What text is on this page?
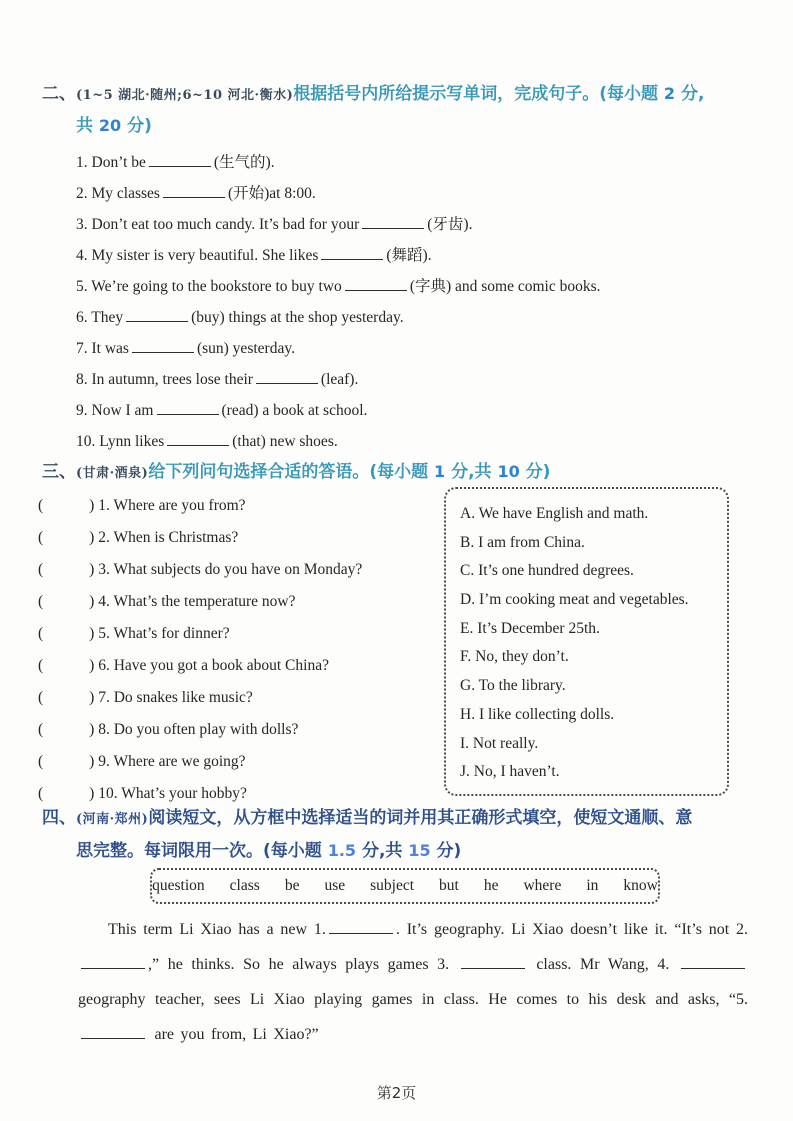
二、(1~5 湖北·随州;6~10 河北·衡水)根据括号内所给提示写单词，完成句子。(每小题 2 分,
共 20 分)
1. Don’t be	(生气的).
2. My classes	(开始)at 8:00.
3. Don’t eat too much candy. It’s bad for your	(牙齿).
4. My sister is very beautiful. She likes	(舞蹈).
5. We’re going to the bookstore to buy two	(字典) and some comic books.
6. They	(buy) things at the shop yesterday.
7. It was	(sun) yesterday.
8. In autumn, trees lose their	(leaf).
9. Now I am	(read) a book at school.
10. Lynn likes	(that) new shoes.
三、(甘肃·酒泉)给下列问句选择合适的答语。(每小题 1 分,共 10 分)
(	) 1. Where are you from?
(	) 2. When is Christmas?
(	) 3. What subjects do you have on Monday?
(	) 4. What’s the temperature now?
(	) 5. What’s for dinner?
(	) 6. Have you got a book about China?
(	) 7. Do snakes like music?
(	) 8. Do you often play with dolls?
(	) 9. Where are we going?
(	) 10. What’s your hobby?
A. We have English and math.
B. I am from China.
C. It’s one hundred degrees.
D. I’m cooking meat and vegetables.
E. It’s December 25th.
F. No, they don’t.
G. To the library.
H. I like collecting dolls.
I. Not really.
J. No, I haven’t.
四、(河南·郑州)阅读短文，从方框中选择适当的词并用其正确形式填空，使短文通顺、意
思完整。每词限用一次。(每小题 1.5 分,共 15 分)
question class be use subject but he where in know
This term Li Xiao has a new 1.	. It’s geography. Li Xiao doesn’t like it. “It’s not 2. ,” he thinks. So he always plays games 3.	class. Mr Wang, 4.  geography teacher, sees Li Xiao playing games in class. He comes to his desk and asks, “5.  are you from, Li Xiao?”
第2页
